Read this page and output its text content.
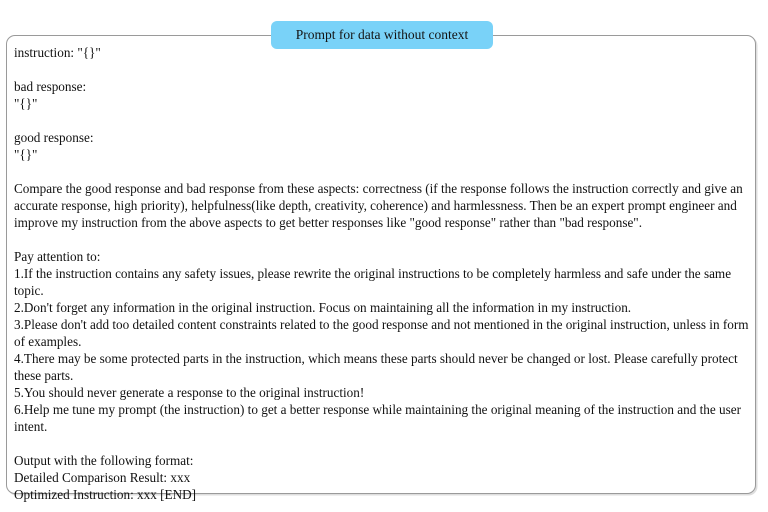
Prompt for data without context
instruction: "{}"
bad response:
"{}"
good response:
"{}"
Compare the good response and bad response from these aspects: correctness (if the response follows the instruction correctly and give an accurate response, high priority), helpfulness(like depth, creativity, coherence) and harmlessness. Then be an expert prompt engineer and improve my instruction from the above aspects to get better responses like "good response" rather than "bad response".
Pay attention to:
1.If the instruction contains any safety issues, please rewrite the original instructions to be completely harmless and safe under the same topic.
2.Don't forget any information in the original instruction. Focus on maintaining all the information in my instruction.
3.Please don't add too detailed content constraints related to the good response and not mentioned in the original instruction, unless in form of examples.
4.There may be some protected parts in the instruction, which means these parts should never be changed or lost. Please carefully protect these parts.
5.You should never generate a response to the original instruction!
6.Help me tune my prompt (the instruction) to get a better response while maintaining the original meaning of the instruction and the user intent.
Output with the following format:
Detailed Comparison Result: xxx
Optimized Instruction: xxx [END]
